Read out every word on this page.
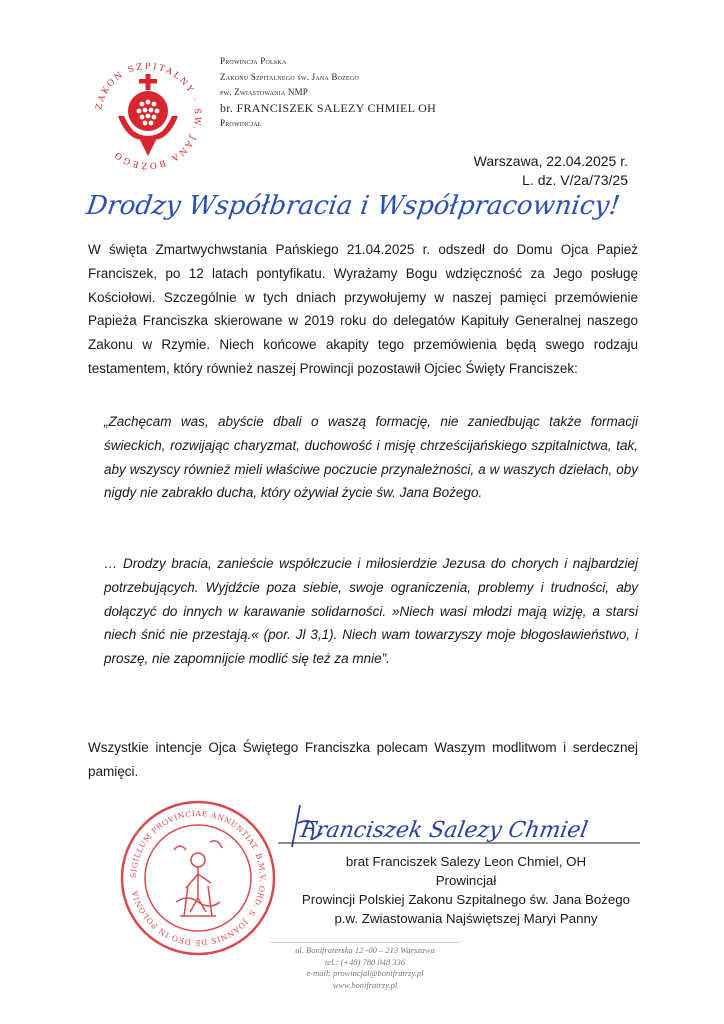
ZAKON SZPITALNY · ŚW. JANA BOŻEGO
Prowincja Polska
Zakonu Szpitalnego św. Jana Bożego
pw. Zwiastowania NMP
br. FRANCISZEK SALEZY CHMIEL OH
Prowincjał
Warszawa, 22.04.2025 r.
L. dz. V/2a/73/25
Drodzy Współbracia i Współpracownicy!
W święta Zmartwychwstania Pańskiego 21.04.2025 r. odszedł do Domu Ojca Papież Franciszek, po 12 latach pontyfikatu. Wyrażamy Bogu wdzięczność za Jego posługę Kościołowi. Szczególnie w tych dniach przywołujemy w naszej pamięci przemówienie Papieża Franciszka skierowane w 2019 roku do delegatów Kapituły Generalnej naszego Zakonu w Rzymie. Niech końcowe akapity tego przemówienia będą swego rodzaju testamentem, który również naszej Prowincji pozostawił Ojciec Święty Franciszek:
„Zachęcam was, abyście dbali o waszą formację, nie zaniedbując także formacji świeckich, rozwijając charyzmat, duchowość i misję chrześcijańskiego szpitalnictwa, tak, aby wszyscy również mieli właściwe poczucie przynależności, a w waszych dziełach, oby nigdy nie zabrakło ducha, który ożywiał życie św. Jana Bożego.
… Drodzy bracia, zanieście współczucie i miłosierdzie Jezusa do chorych i najbardziej potrzebujących. Wyjdźcie poza siebie, swoje ograniczenia, problemy i trudności, aby dołączyć do innych w karawanie solidarności. »Niech wasi młodzi mają wizję, a starsi niech śnić nie przestają.« (por. Jl 3,1). Niech wam towarzyszy moje błogosławieństwo, i proszę, nie zapomnijcie modlić się też za mnie”.
Wszystkie intencje Ojca Świętego Franciszka polecam Waszym modlitwom i serdecznej pamięci.
SIGILLUM PROVINCIAE ANNUNTIAT. B.M.V. ORD. S. JOANNIS DE DEO IN POLONIA
Franciszek Salezy Chmiel
brat Franciszek Salezy Leon Chmiel, OH
Prowincjał
Prowincji Polskiej Zakonu Szpitalnego św. Jana Bożego
p.w. Zwiastowania Najświętszej Maryi Panny
ul. Bonifraterska 12 -00 – 213 Warszawa
tel.: (+48) 780 048 336
e-mail: prowincjal@bonifratrzy.pl
www.bonifratrzy.pl
